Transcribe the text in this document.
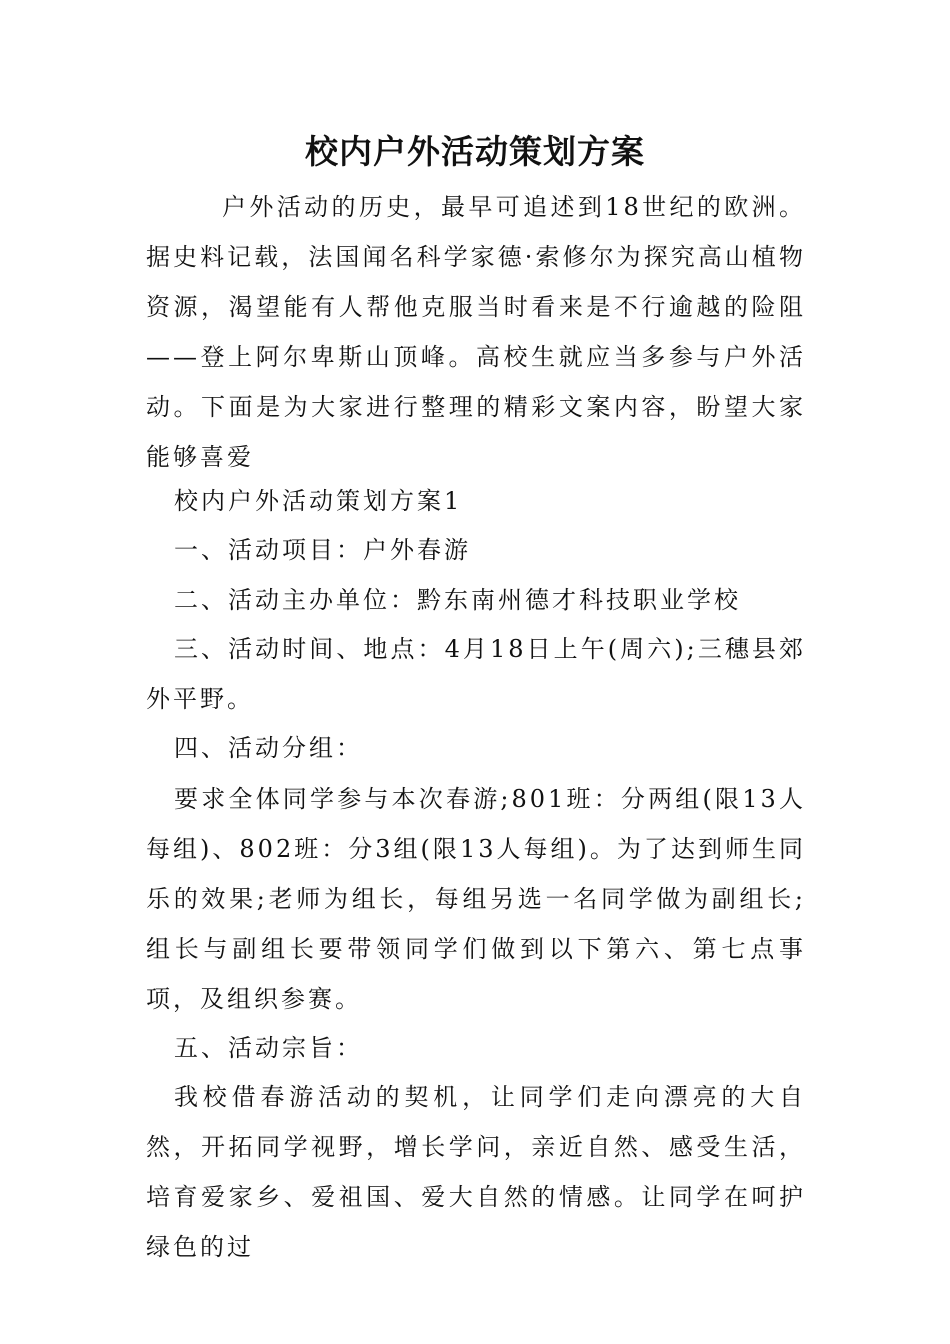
校内户外活动策划方案

户外活动的历史，最早可追述到18世纪的欧洲。据史料记载，法国闻名科学家德·索修尔为探究高山植物资源，渴望能有人帮他克服当时看来是不行逾越的险阻——登上阿尔卑斯山顶峰。高校生就应当多参与户外活动。下面是为大家进行整理的精彩文案内容，盼望大家能够喜爱

校内户外活动策划方案1

一、活动项目：户外春游

二、活动主办单位：黔东南州德才科技职业学校

三、活动时间、地点：4月18日上午(周六);三穗县郊外平野。

四、活动分组：

要求全体同学参与本次春游;801班：分两组(限13人每组)、802班：分3组(限13人每组)。为了达到师生同乐的效果;老师为组长，每组另选一名同学做为副组长;组长与副组长要带领同学们做到以下第六、第七点事项，及组织参赛。

五、活动宗旨：

我校借春游活动的契机，让同学们走向漂亮的大自然，开拓同学视野，增长学问，亲近自然、感受生活，培育爱家乡、爱祖国、爱大自然的情感。让同学在呵护绿色的过
